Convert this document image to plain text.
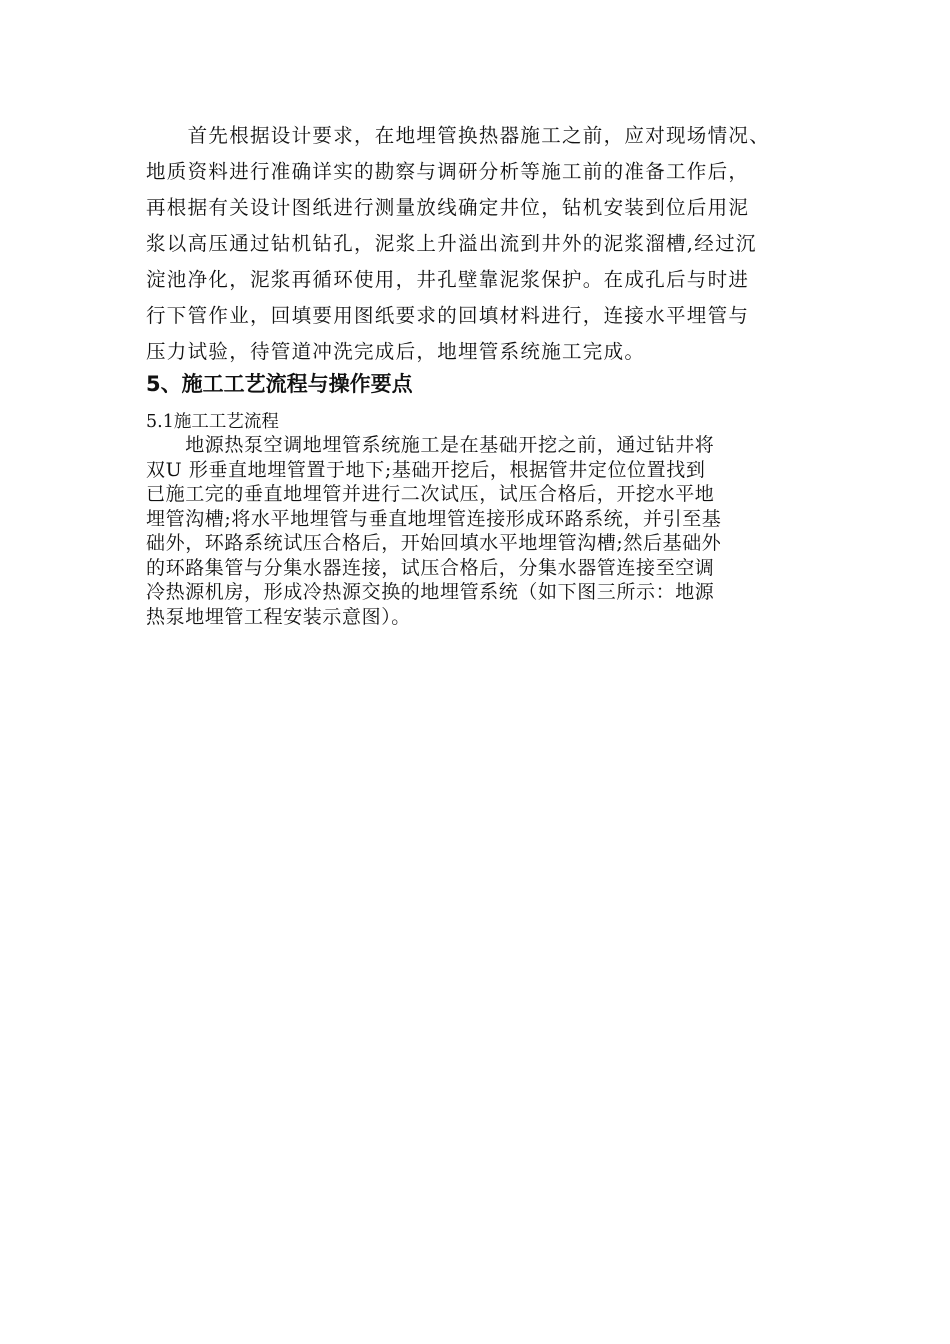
　　首先根据设计要求，在地埋管换热器施工之前，应对现场情况、
地质资料进行准确详实的勘察与调研分析等施工前的准备工作后，
再根据有关设计图纸进行测量放线确定井位，钻机安装到位后用泥
浆以高压通过钻机钻孔，泥浆上升溢出流到井外的泥浆溜槽,经过沉
淀池净化，泥浆再循环使用，井孔壁靠泥浆保护。在成孔后与时进
行下管作业，回填要用图纸要求的回填材料进行，连接水平埋管与
压力试验，待管道冲洗完成后，地埋管系统施工完成。
5、施工工艺流程与操作要点
5.1施工工艺流程
　　地源热泵空调地埋管系统施工是在基础开挖之前，通过钻井将
双U 形垂直地埋管置于地下;基础开挖后，根据管井定位位置找到
已施工完的垂直地埋管并进行二次试压，试压合格后，开挖水平地
埋管沟槽;将水平地埋管与垂直地埋管连接形成环路系统，并引至基
础外，环路系统试压合格后，开始回填水平地埋管沟槽;然后基础外
的环路集管与分集水器连接，试压合格后，分集水器管连接至空调
冷热源机房，形成冷热源交换的地埋管系统（如下图三所示：地源
热泵地埋管工程安装示意图）。
